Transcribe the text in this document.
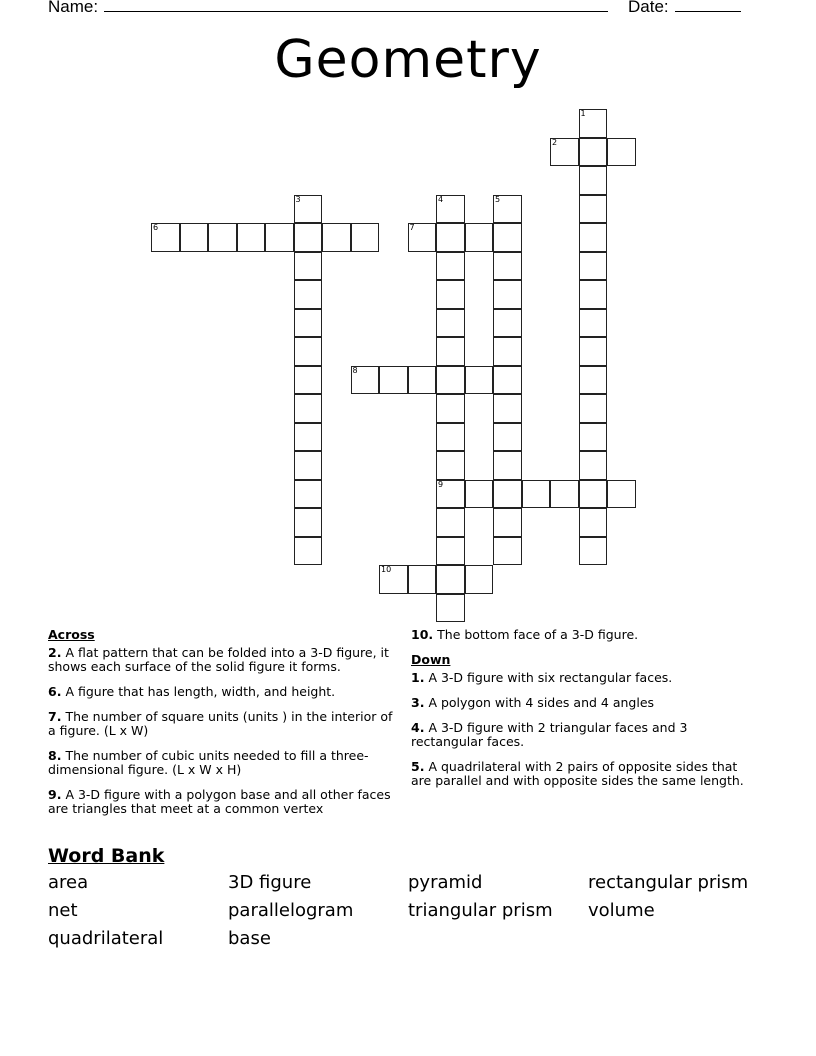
Name:	Date:
Geometry
1
2
3	4
9
5
6	7
8
10
Across
2. A flat pattern that can be folded into a 3-D figure, it shows each surface of the solid figure it forms.
6. A figure that has length, width, and height.
7. The number of square units (units ) in the interior of a figure. (L x W)
8. The number of cubic units needed to fill a three-dimensional figure. (L x W x H)
9. A 3-D figure with a polygon base and all other faces are triangles that meet at a common vertex
10. The bottom face of a 3-D figure.
Down
1. A 3-D figure with six rectangular faces.
3. A polygon with 4 sides and 4 angles
4. A 3-D figure with 2 triangular faces and 3 rectangular faces.
5. A quadrilateral with 2 pairs of opposite sides that are parallel and with opposite sides the same length.
Word Bank
area	3D figure	pyramid	rectangular prism
net	parallelogram	triangular prism	volume
quadrilateral	base
